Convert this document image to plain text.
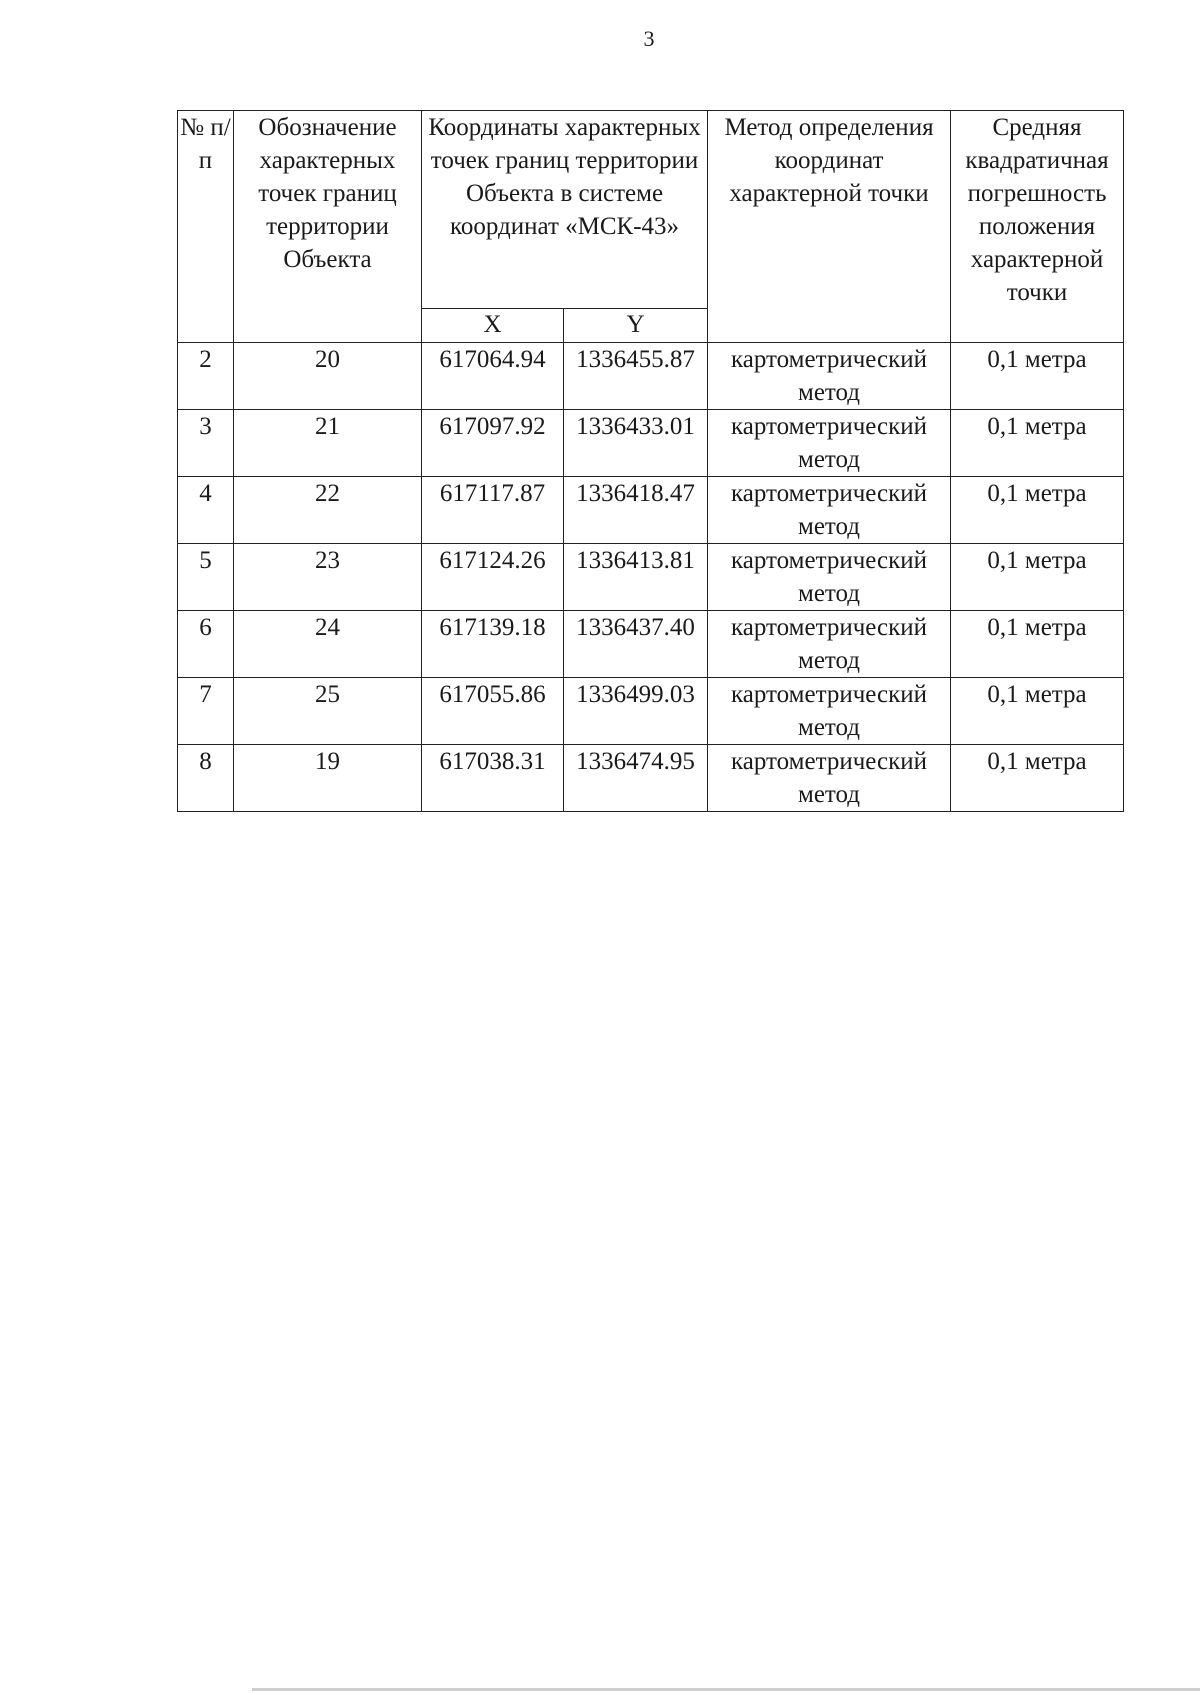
3
№ п/п	Обозначение характерных точек границ территории Объекта	Координаты характерных точек границ территории Объекта в системе координат «МСК-43»		Метод определения координат характерной точки	Средняя квадратичная погрешность положения характерной точки
		X	Y		
2	20	617064.94	1336455.87	картометрический метод	0,1 метра
3	21	617097.92	1336433.01	картометрический метод	0,1 метра
4	22	617117.87	1336418.47	картометрический метод	0,1 метра
5	23	617124.26	1336413.81	картометрический метод	0,1 метра
6	24	617139.18	1336437.40	картометрический метод	0,1 метра
7	25	617055.86	1336499.03	картометрический метод	0,1 метра
8	19	617038.31	1336474.95	картометрический метод	0,1 метра
